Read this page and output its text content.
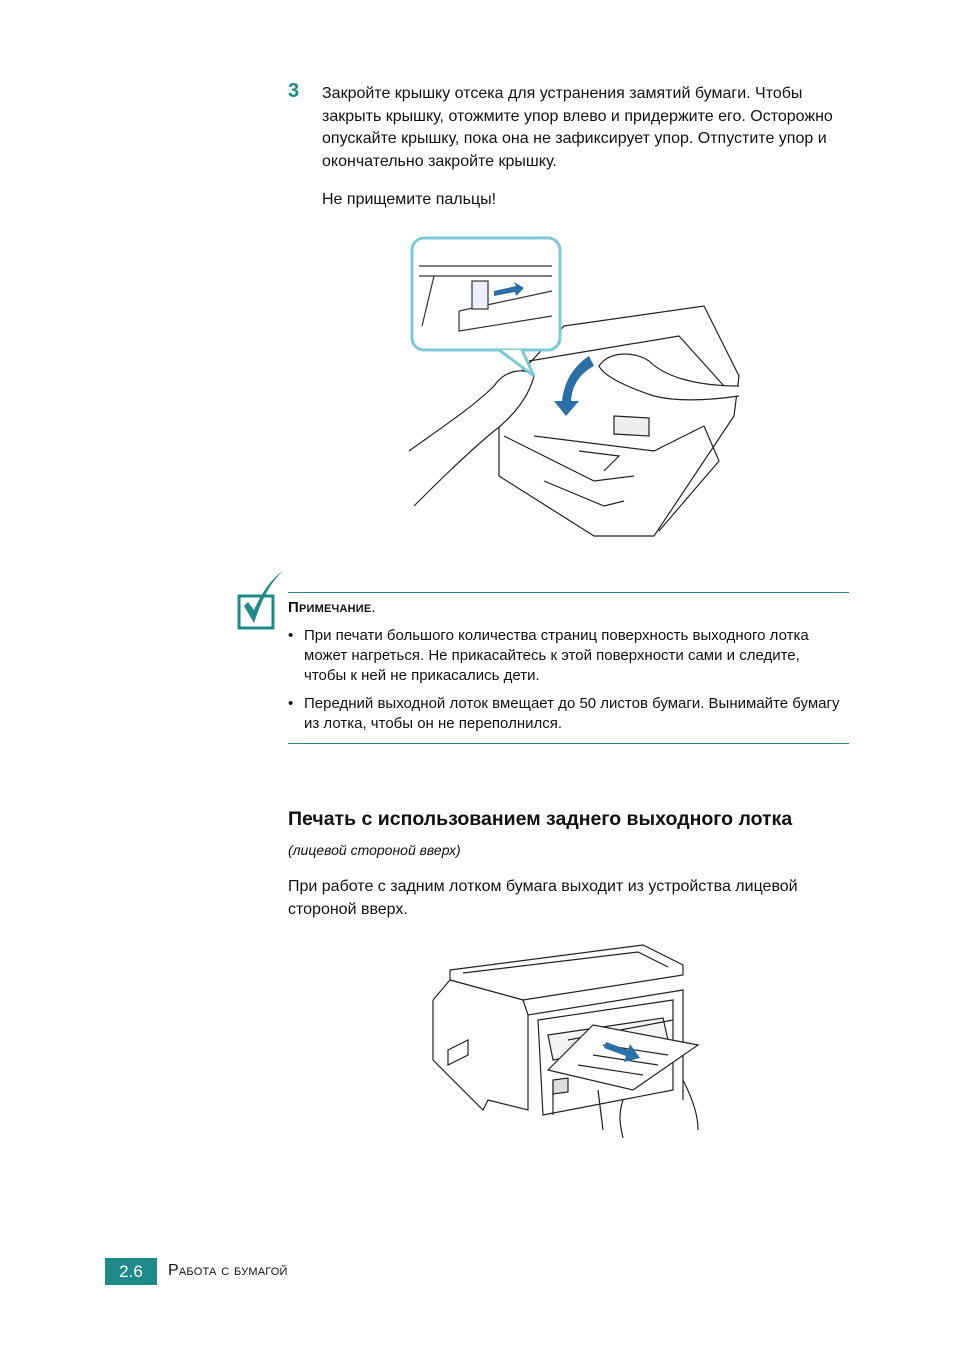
3 Закройте крышку отсека для устранения замятий бумаги. Чтобы закрыть крышку, отожмите упор влево и придержите его. Осторожно опускайте крышку, пока она не зафиксирует упор. Отпустите упор и окончательно закройте крышку.
Не прищемите пальцы!
Примечание.
• При печати большого количества страниц поверхность выходного лотка может нагреться. Не прикасайтесь к этой поверхности сами и следите, чтобы к ней не прикасались дети.
• Передний выходной лоток вмещает до 50 листов бумаги. Вынимайте бумагу из лотка, чтобы он не переполнился.
Печать с использованием заднего выходного лотка (лицевой стороной вверх)
При работе с задним лотком бумага выходит из устройства лицевой стороной вверх.
2.6	Работа с бумагой
